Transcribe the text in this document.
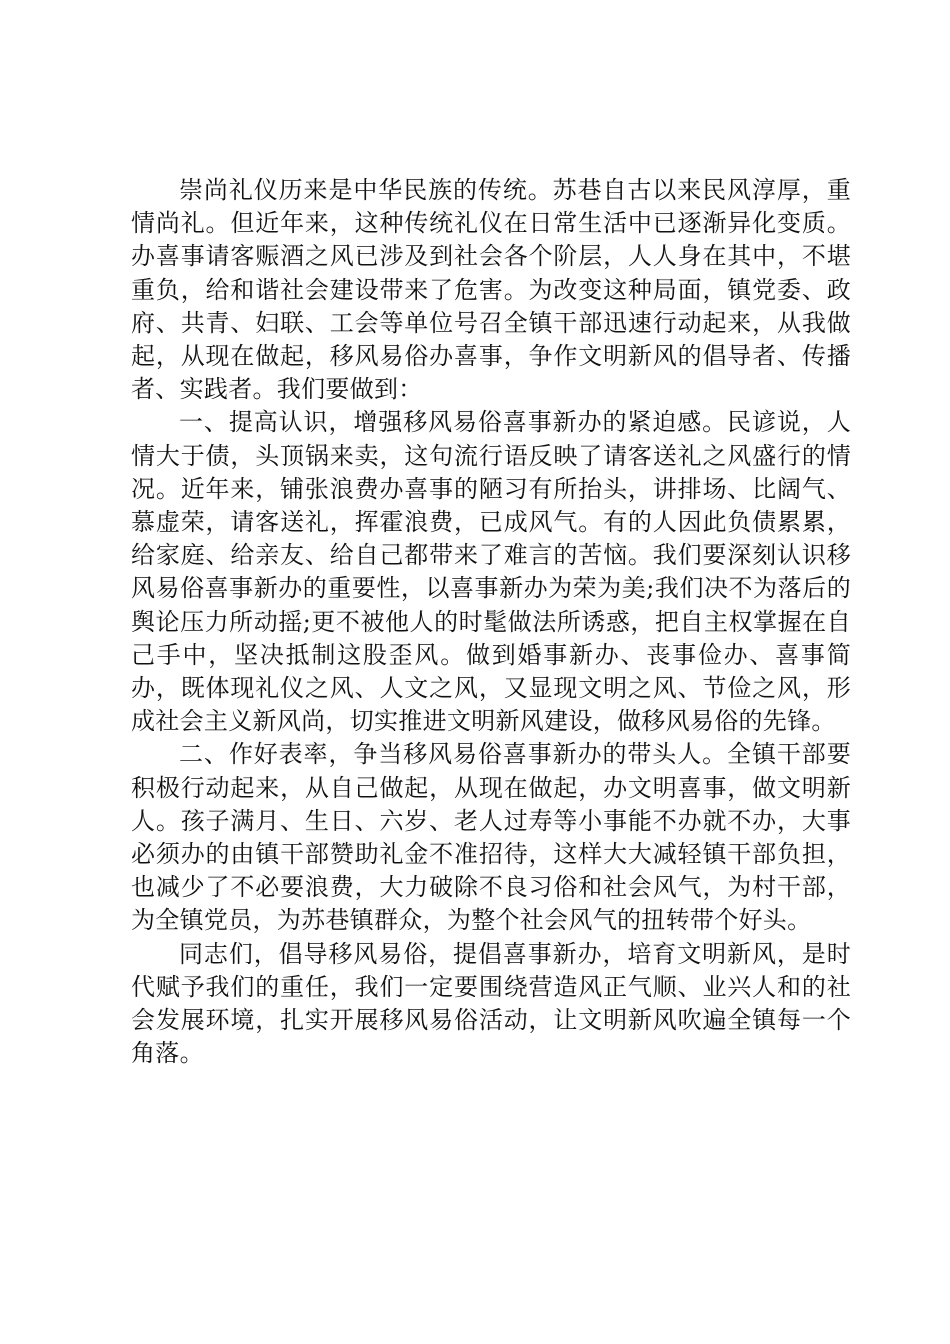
崇尚礼仪历来是中华民族的传统。苏巷自古以来民风淳厚，重情尚礼。但近年来，这种传统礼仪在日常生活中已逐渐异化变质。办喜事请客赈酒之风已涉及到社会各个阶层，人人身在其中，不堪重负，给和谐社会建设带来了危害。为改变这种局面，镇党委、政府、共青、妇联、工会等单位号召全镇干部迅速行动起来，从我做起，从现在做起，移风易俗办喜事，争作文明新风的倡导者、传播者、实践者。我们要做到：

一、提高认识，增强移风易俗喜事新办的紧迫感。民谚说，人情大于债，头顶锅来卖，这句流行语反映了请客送礼之风盛行的情况。近年来，铺张浪费办喜事的陋习有所抬头，讲排场、比阔气、慕虚荣，请客送礼，挥霍浪费，已成风气。有的人因此负债累累，给家庭、给亲友、给自己都带来了难言的苦恼。我们要深刻认识移风易俗喜事新办的重要性，以喜事新办为荣为美;我们决不为落后的舆论压力所动摇;更不被他人的时髦做法所诱惑，把自主权掌握在自己手中，坚决抵制这股歪风。做到婚事新办、丧事俭办、喜事简办，既体现礼仪之风、人文之风，又显现文明之风、节俭之风，形成社会主义新风尚，切实推进文明新风建设，做移风易俗的先锋。

二、作好表率，争当移风易俗喜事新办的带头人。全镇干部要积极行动起来，从自己做起，从现在做起，办文明喜事，做文明新人。孩子满月、生日、六岁、老人过寿等小事能不办就不办，大事必须办的由镇干部赞助礼金不准招待，这样大大减轻镇干部负担，也减少了不必要浪费，大力破除不良习俗和社会风气，为村干部，为全镇党员，为苏巷镇群众，为整个社会风气的扭转带个好头。

同志们，倡导移风易俗，提倡喜事新办，培育文明新风，是时代赋予我们的重任，我们一定要围绕营造风正气顺、业兴人和的社会发展环境，扎实开展移风易俗活动，让文明新风吹遍全镇每一个角落。
